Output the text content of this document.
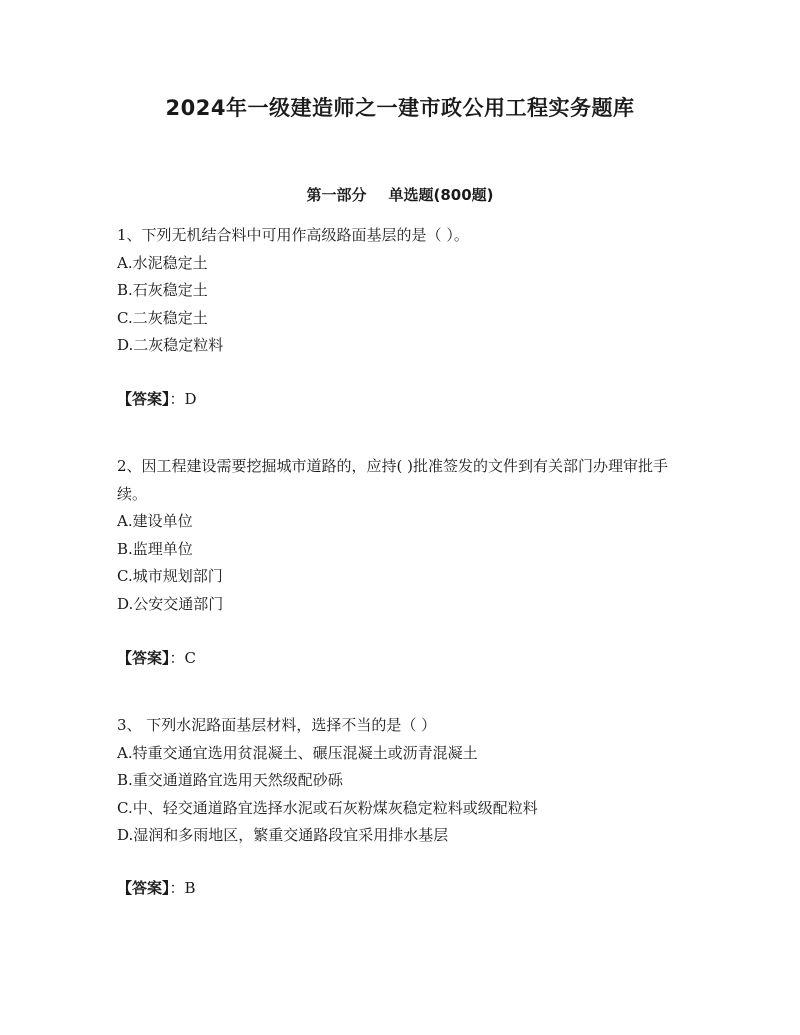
2024年一级建造师之一建市政公用工程实务题库
第一部分 单选题(800题)

1、下列无机结合料中可用作高级路面基层的是（ ）。

A.水泥稳定土

B.石灰稳定土

C.二灰稳定土

D.二灰稳定粒料

【答案】：D

2、因工程建设需要挖掘城市道路的，应持( )批准签发的文件到有关部门办理审批手续。

A.建设单位

B.监理单位

C.城市规划部门

D.公安交通部门

【答案】：C

3、 下列水泥路面基层材料，选择不当的是（ ）

A.特重交通宜选用贫混凝土、碾压混凝土或沥青混凝土

B.重交通道路宜选用天然级配砂砾

C.中、轻交通道路宜选择水泥或石灰粉煤灰稳定粒料或级配粒料

D.湿润和多雨地区，繁重交通路段宜采用排水基层

【答案】：B
